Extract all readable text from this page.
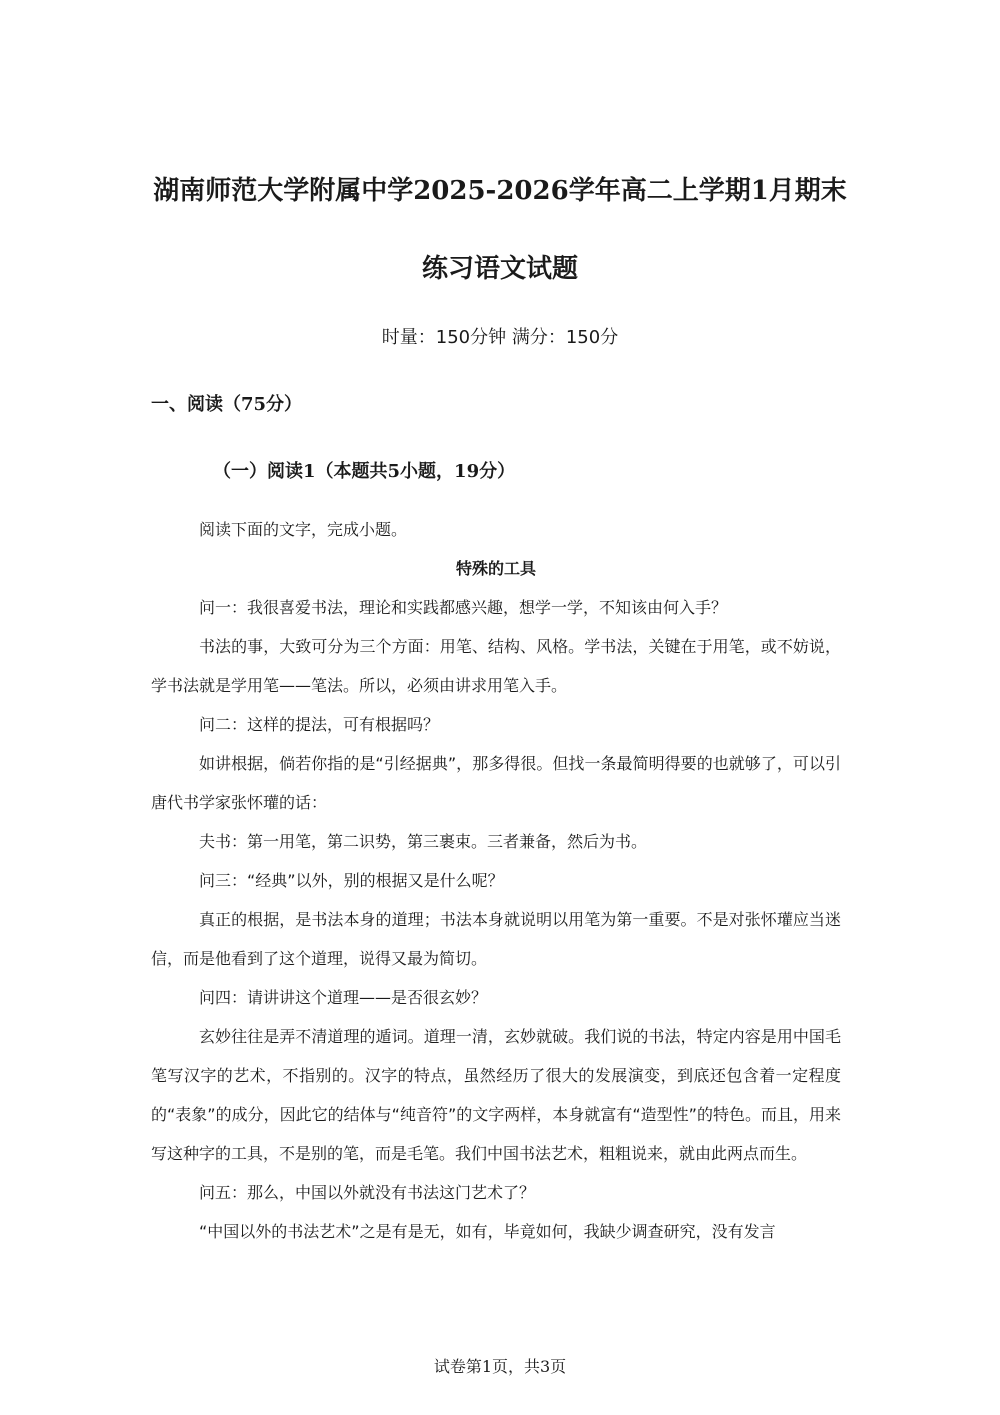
湖南师范大学附属中学2025-2026学年高二上学期1月期末
练习语文试题
时量：150分钟 满分：150分
一、阅读（75分）
（一）阅读1（本题共5小题，19分）

阅读下面的文字，完成小题。

特殊的工具

问一：我很喜爱书法，理论和实践都感兴趣，想学一学，不知该由何入手？

书法的事，大致可分为三个方面：用笔、结构、风格。学书法，关键在于用笔，或不妨说，学书法就是学用笔——笔法。所以，必须由讲求用笔入手。

问二：这样的提法，可有根据吗？

如讲根据，倘若你指的是“引经据典”，那多得很。但找一条最简明得要的也就够了，可以引唐代书学家张怀瓘的话：

夫书：第一用笔，第二识势，第三裹束。三者兼备，然后为书。

问三：“经典”以外，别的根据又是什么呢？

真正的根据，是书法本身的道理；书法本身就说明以用笔为第一重要。不是对张怀瓘应当迷信，而是他看到了这个道理，说得又最为简切。

问四：请讲讲这个道理——是否很玄妙？

玄妙往往是弄不清道理的遁词。道理一清，玄妙就破。我们说的书法，特定内容是用中国毛笔写汉字的艺术，不指别的。汉字的特点，虽然经历了很大的发展演变，到底还包含着一定程度的“表象”的成分，因此它的结体与“纯音符”的文字两样，本身就富有“造型性”的特色。而且，用来写这种字的工具，不是别的笔，而是毛笔。我们中国书法艺术，粗粗说来，就由此两点而生。

问五：那么，中国以外就没有书法这门艺术了？

“中国以外的书法艺术”之是有是无，如有，毕竟如何，我缺少调查研究，没有发言

试卷第1页，共3页
